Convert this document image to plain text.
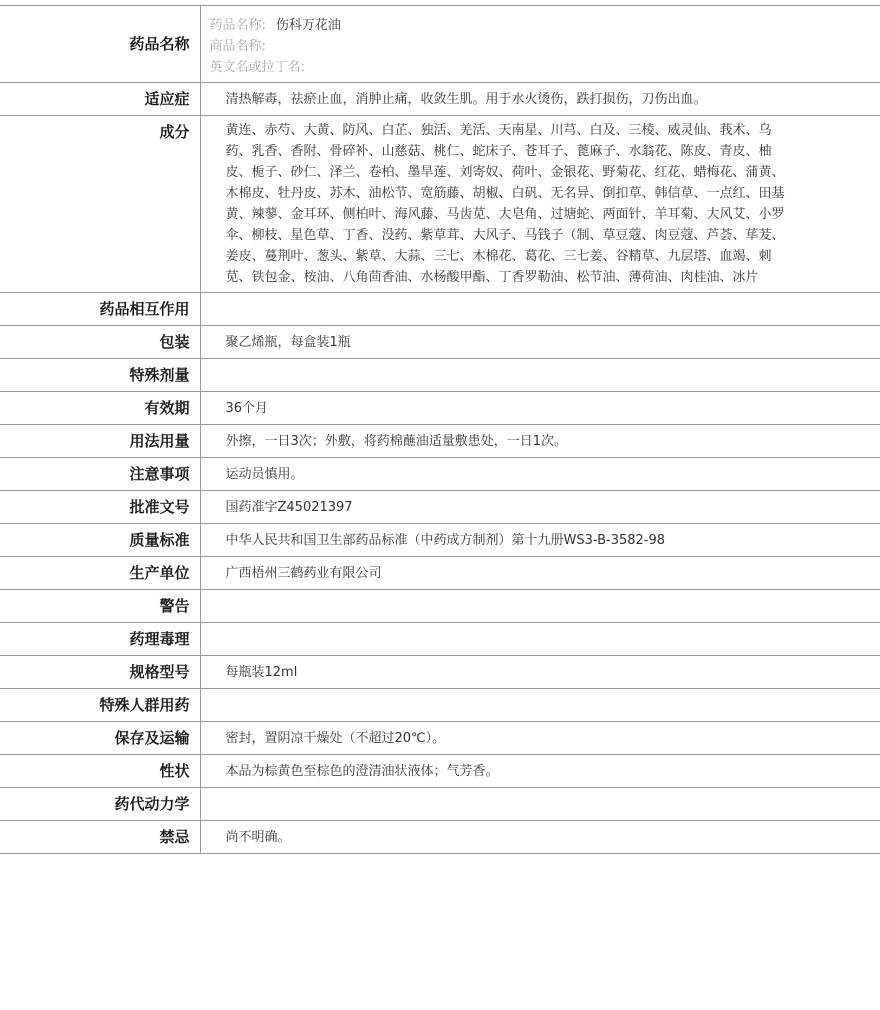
药品名称	药品名称: 伤科万花油
商品名称:
英文名或拉丁名:

适应症	清热解毒，祛瘀止血，消肿止痛，收敛生肌。用于水火烫伤，跌打损伤，刀伤出血。
成分	黄连、赤芍、大黄、防风、白芷、独活、羌活、天南星、川芎、白及、三棱、威灵仙、莪术、乌药、乳香、香附、骨碎补、山慈菇、桃仁、蛇床子、苍耳子、蓖麻子、水翁花、陈皮、青皮、柚皮、栀子、砂仁、泽兰、卷柏、墨旱莲、刘寄奴、荷叶、金银花、野菊花、红花、蜡梅花、蒲黄、木棉皮、牡丹皮、苏木、油松节、宽筋藤、胡椒、白矾、无名异、倒扣草、韩信草、一点红、田基黄、辣蓼、金耳环、侧柏叶、海风藤、马齿苋、大皂角、过塘蛇、两面针、羊耳菊、大风艾、小罗伞、柳枝、星色草、丁香、没药、紫草茸、大风子、马钱子（制、草豆蔻、肉豆蔻、芦荟、荜茇、姜皮、蔓荆叶、葱头、紫草、大蒜、三七、木棉花、葛花、三七姜、谷精草、九层塔、血竭、刺苋、铁包金、桉油、八角茴香油、水杨酸甲酯、丁香罗勒油、松节油、薄荷油、肉桂油、冰片
药品相互作用	
包装	聚乙烯瓶，每盒装1瓶
特殊剂量	
有效期	36个月
用法用量	外擦，一日3次；外敷，将药棉蘸油适量敷患处，一日1次。
注意事项	运动员慎用。
批准文号	国药准字Z45021397
质量标准	中华人民共和国卫生部药品标准（中药成方制剂）第十九册WS3-B-3582-98
生产单位	广西梧州三鹤药业有限公司
警告	
药理毒理	
规格型号	每瓶装12ml
特殊人群用药	
保存及运输	密封，置阴凉干燥处（不超过20℃）。
性状	本品为棕黄色至棕色的澄清油状液体；气芳香。
药代动力学	
禁忌	尚不明确。
